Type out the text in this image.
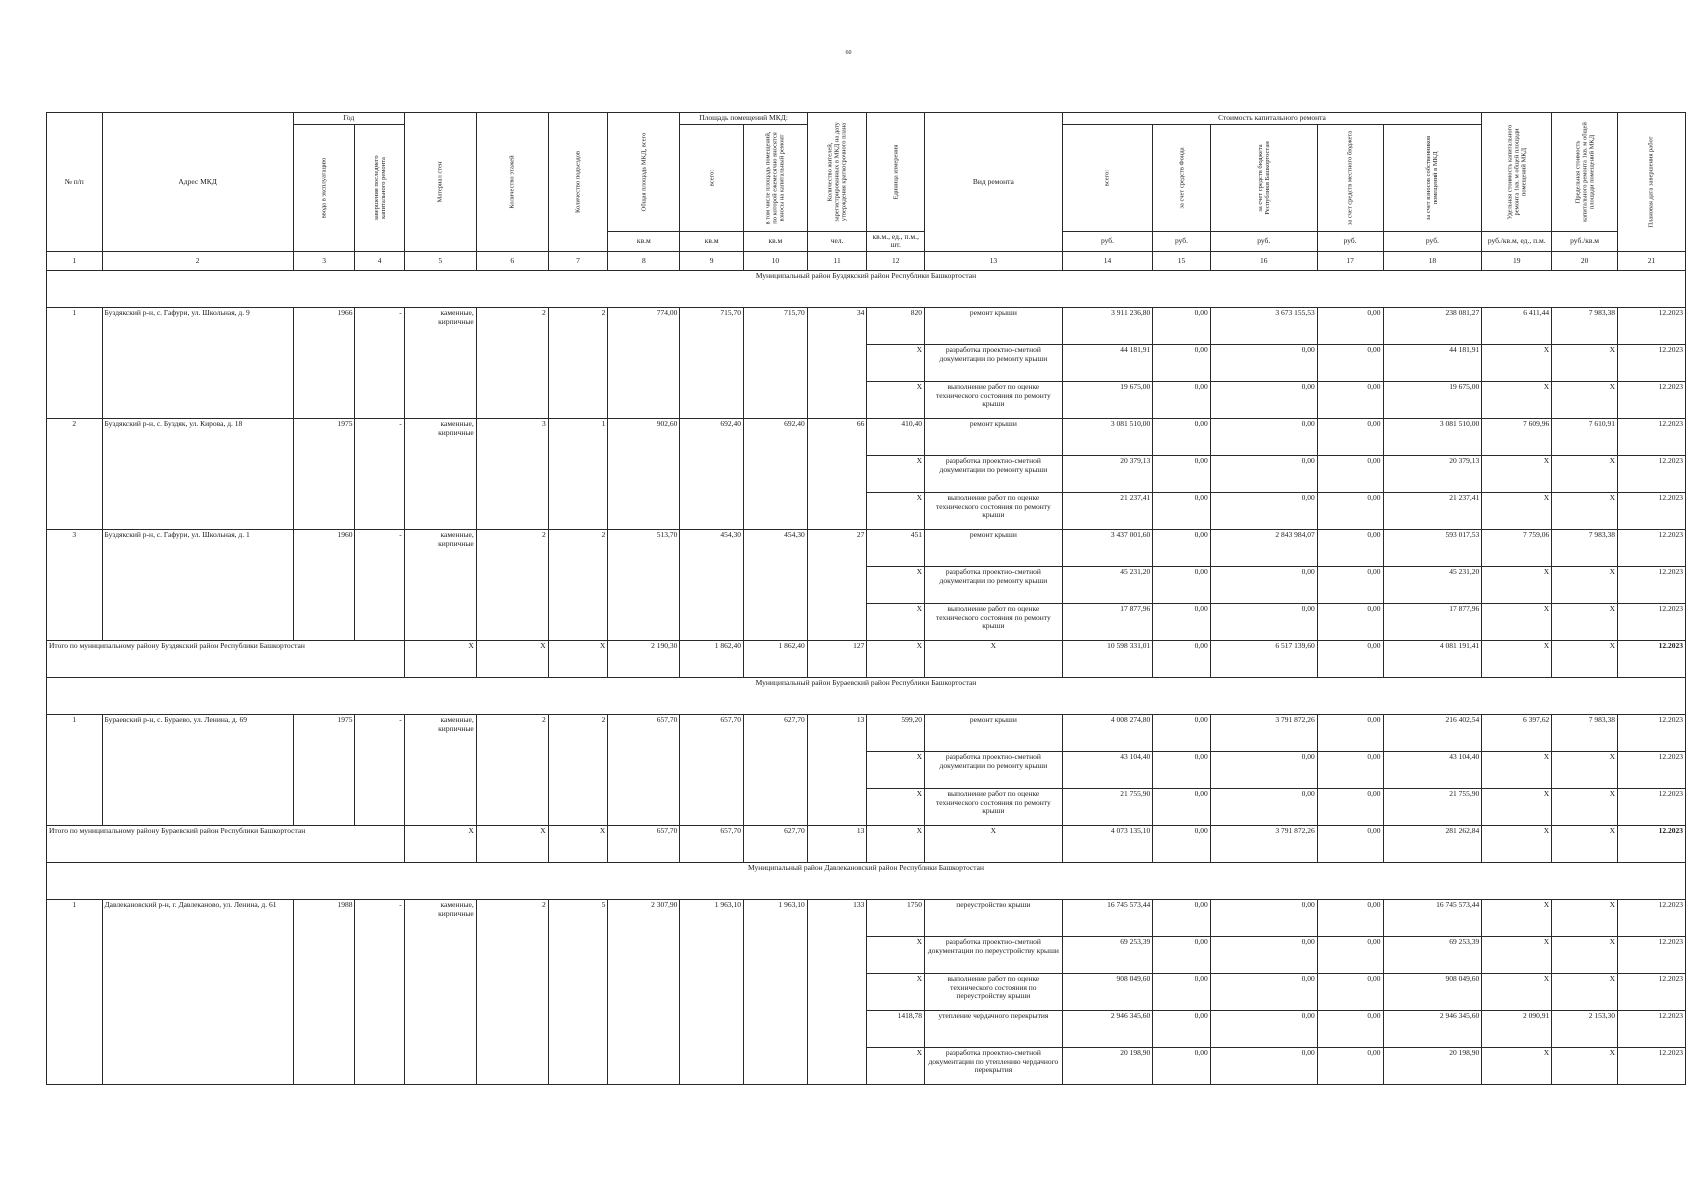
60
№ п/п	Адрес МКД	Год		Материал стен	Количество этажей	Количество подъездов	Общая площадь МКД, всего	Площадь помещений МКД:		Количество жителей, зарегистрированных в МКД на дату утверждения краткосрочного плана	Единица измерения	Вид ремонта	Стоимость капитального ремонта					Удельная стоимость капитального ремонта 1кв. м общей площади помещений МКД	Предельная стоимость капитального ремонта 1кв. м общей площади помещений МКД	Плановая дата завершения работ

		ввода в эксплуатацию	завершения последнего капитального ремонта					всего:	в том числе площадь помещений, по которой ежемесячно вносятся взносы на капитальный ремонт				всего:	за счет средств Фонда	за счет средств бюджета Республики Башкортостан	за счет средств местного бюджета	за счет взносов собственников помещений в МКД			

							кв.м	кв.м	кв.м	чел.	кв.м., ед., п.м., шт.		руб.	руб.	руб.	руб.	руб.	руб./кв.м, ед., п.м.	руб./кв.м	
1	2	3	4	5	6	7	8	9	10	11	12	13	14	15	16	17	18	19	20	21
Муниципальный район Буздякский район Республики Башкортостан																				
1	Буздякский р-н, с. Гафури, ул. Школьная, д. 9	1966	-	каменные, кирпичные	2	2	774,00	715,70	715,70	34	820	ремонт крыши	3 911 236,80	0,00	3 673 155,53	0,00	238 081,27	6 411,44	7 983,38	12.2023
											X	разработка проектно-сметной документации по ремонту крыши	44 181,91	0,00	0,00	0,00	44 181,91	X	X	12.2023
											X	выполнение работ по оценке технического состояния по ремонту крыши	19 675,00	0,00	0,00	0,00	19 675,00	X	X	12.2023
2	Буздякский р-н, с. Буздяк, ул. Кирова, д. 18	1975	-	каменные, кирпичные	3	1	902,60	692,40	692,40	66	410,40	ремонт крыши	3 081 510,00	0,00	0,00	0,00	3 081 510,00	7 609,96	7 610,91	12.2023
											X	разработка проектно-сметной документации по ремонту крыши	20 379,13	0,00	0,00	0,00	20 379,13	X	X	12.2023
											X	выполнение работ по оценке технического состояния по ремонту крыши	21 237,41	0,00	0,00	0,00	21 237,41	X	X	12.2023
3	Буздякский р-н, с. Гафури, ул. Школьная, д. 1	1960	-	каменные, кирпичные	2	2	513,70	454,30	454,30	27	451	ремонт крыши	3 437 001,60	0,00	2 843 984,07	0,00	593 017,53	7 759,06	7 983,38	12.2023
											X	разработка проектно-сметной документации по ремонту крыши	45 231,20	0,00	0,00	0,00	45 231,20	X	X	12.2023
											X	выполнение работ по оценке технического состояния по ремонту крыши	17 877,96	0,00	0,00	0,00	17 877,96	X	X	12.2023
Итого по муниципальному району Буздякский район Республики Башкортостан				X	X	X	2 190,30	1 862,40	1 862,40	127	X	X	10 598 331,01	0,00	6 517 139,60	0,00	4 081 191,41	X	X	12.2023
Муниципальный район Бураевский район Республики Башкортостан																				
1	Бураевский р-н, с. Бураево, ул. Ленина, д. 69	1975	-	каменные, кирпичные	2	2	657,70	657,70	627,70	13	599,20	ремонт крыши	4 008 274,80	0,00	3 791 872,26	0,00	216 402,54	6 397,62	7 983,38	12.2023
											X	разработка проектно-сметной документации по ремонту крыши	43 104,40	0,00	0,00	0,00	43 104,40	X	X	12.2023
											X	выполнение работ по оценке технического состояния по ремонту крыши	21 755,90	0,00	0,00	0,00	21 755,90	X	X	12.2023
Итого по муниципальному району Бураевский район Республики Башкортостан				X	X	X	657,70	657,70	627,70	13	X	X	4 073 135,10	0,00	3 791 872,26	0,00	281 262,84	X	X	12.2023
Муниципальный район Давлекановский район Республики Башкортостан																				
1	Давлекановский р-н, г. Давлеканово, ул. Ленина, д. 61	1988	-	каменные, кирпичные	2	5	2 307,90	1 963,10	1 963,10	133	1750	переустройство крыши	16 745 573,44	0,00	0,00	0,00	16 745 573,44	X	X	12.2023
											X	разработка проектно-сметной документации по переустройству крыши	69 253,39	0,00	0,00	0,00	69 253,39	X	X	12.2023
											X	выполнение работ по оценке технического состояния по переустройству крыши	908 049,60	0,00	0,00	0,00	908 049,60	X	X	12.2023
											1418,78	утепление чердачного перекрытия	2 946 345,60	0,00	0,00	0,00	2 946 345,60	2 090,91	2 153,30	12.2023
											X	разработка проектно-сметной документации по утеплению чердачного перекрытия	20 198,90	0,00	0,00	0,00	20 198,90	X	X	12.2023
